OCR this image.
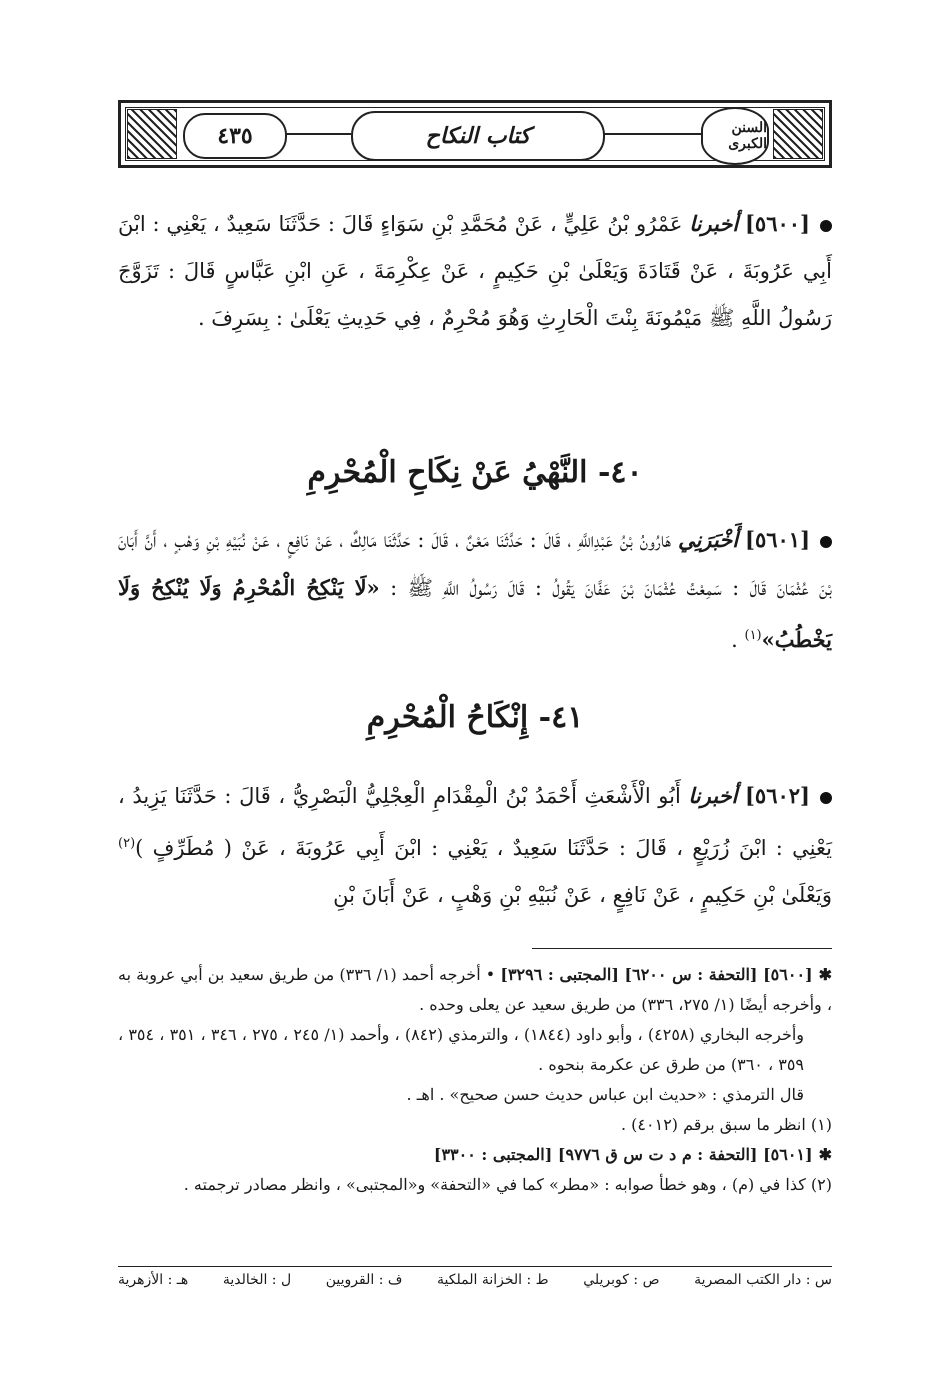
٤٣٥	كتاب النكاح	السنن الكبرى

[٥٦٠٠] أخبرنا عَمْرُو بْنُ عَلِيٍّ ، عَنْ مُحَمَّدِ بْنِ سَوَاءٍ قَالَ : حَدَّثَنَا سَعِيدٌ ، يَعْنِي : ابْنَ أَبِي عَرُوبَةَ ، عَنْ قَتَادَةَ وَيَعْلَىٰ بْنِ حَكِيمٍ ، عَنْ عِكْرِمَةَ ، عَنِ ابْنِ عَبَّاسٍ قَالَ : تَزَوَّجَ رَسُولُ اللَّهِ ﷺ مَيْمُونَةَ بِنْتَ الْحَارِثِ وَهُوَ مُحْرِمٌ ، فِي حَدِيثِ يَعْلَىٰ : بِسَرِفَ .

٤٠- النَّهْيُ عَنْ نِكَاحِ الْمُحْرِمِ

[٥٦٠١] أَخْبَرَنِي هَارُونُ بْنُ عَبْدِاللَّهِ ، قَالَ : حَدَّثَنَا مَعْنٌ ، قَالَ : حَدَّثَنَا مَالِكٌ ، عَنْ نَافِعٍ ، عَنْ نُبَيْهِ بْنِ وَهْبٍ ، أَنَّ أَبَانَ بْنَ عُثْمَانَ قَالَ : سَمِعْتُ عُثْمَانَ بْنَ عَفَّانَ يَقُولُ : قَالَ رَسُولُ اللَّهِ ﷺ : «لَا يَنْكِحُ الْمُحْرِمُ وَلَا يُنْكِحُ وَلَا يَخْطُبُ»$^{(١)}$ .

٤١- إِنْكَاحُ الْمُحْرِمِ

[٥٦٠٢] أخبرنا أَبُو الْأَشْعَثِ أَحْمَدُ بْنُ الْمِقْدَامِ الْعِجْلِيُّ الْبَصْرِيُّ ، قَالَ : حَدَّثَنَا يَزِيدُ ، يَعْنِي : ابْنَ زُرَيْعٍ ، قَالَ : حَدَّثَنَا سَعِيدٌ ، يَعْنِي : ابْنَ أَبِي عَرُوبَةَ ، عَنْ ( مُطَرِّفٍ )$^{(٢)}$ وَيَعْلَىٰ بْنِ حَكِيمٍ ، عَنْ نَافِعٍ ، عَنْ نُبَيْهِ بْنِ وَهْبٍ ، عَنْ أَبَانَ بْنِ

✱[٥٦٠٠] [التحفة : س ٦٢٠٠] [المجتبى : ٣٢٩٦] • أخرجه أحمد (١/ ٣٣٦) من طريق سعيد بن أبي عروبة به ، وأخرجه أيضًا (١/ ٢٧٥، ٣٣٦) من طريق سعيد عن يعلى وحده .

وأخرجه البخاري (٤٢٥٨) ، وأبو داود (١٨٤٤) ، والترمذي (٨٤٢) ، وأحمد (١/ ٢٤٥ ، ٢٧٥ ، ٣٤٦ ، ٣٥١ ، ٣٥٤ ، ٣٥٩ ، ٣٦٠) من طرق عن عكرمة بنحوه .

قال الترمذي : «حديث ابن عباس حديث حسن صحيح» . اهـ .

(١) انظر ما سبق برقم (٤٠١٢) .

✱[٥٦٠١] [التحفة : م د ت س ق ٩٧٧٦] [المجتبى : ٣٣٠٠]

(٢) كذا في (م) ، وهو خطأ صوابه : «مطر» كما في «التحفة» و«المجتبى» ، وانظر مصادر ترجمته .

س : دار الكتب المصرية
ص : كوبريلي
ط : الخزانة الملكية
ف : القرويين
ل : الخالدية
هـ : الأزهرية
